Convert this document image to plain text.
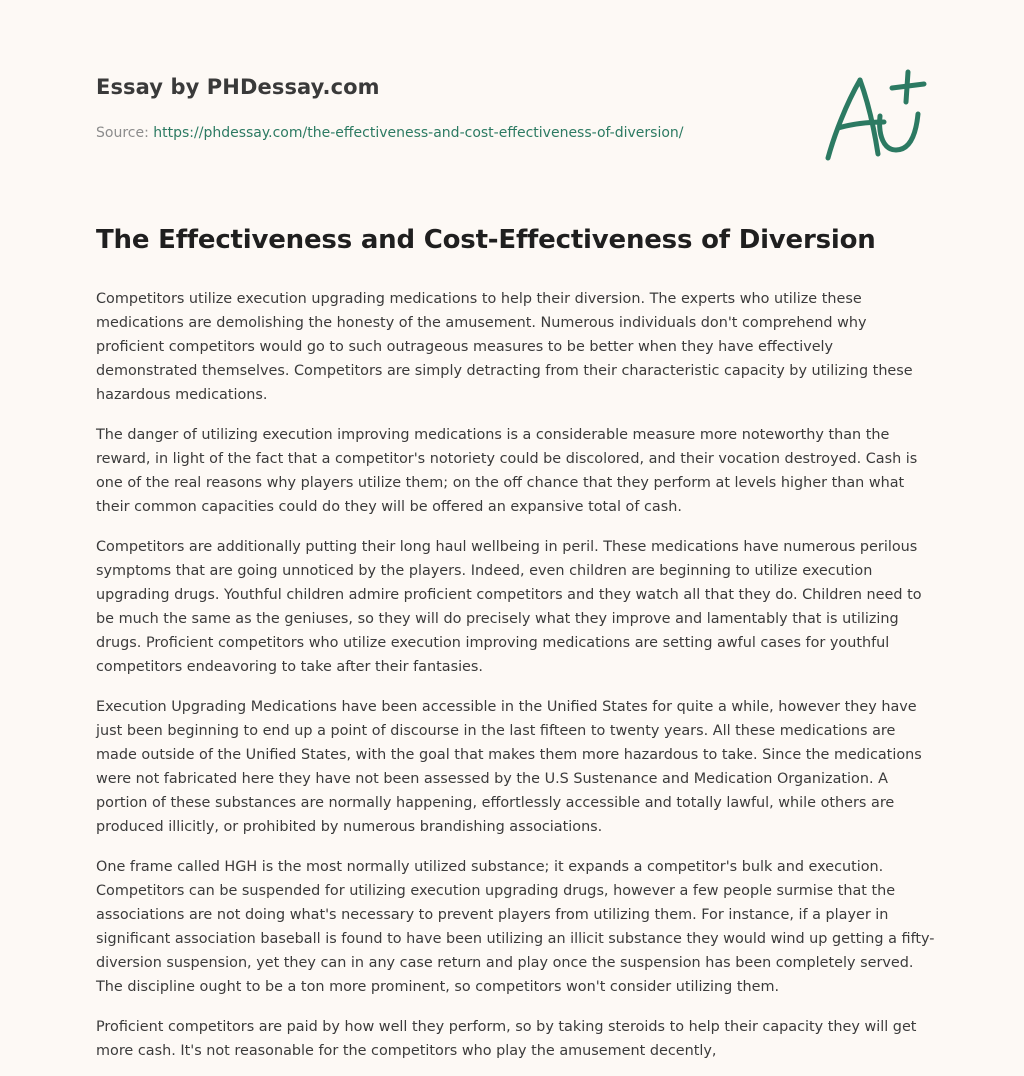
Essay by PHDessay.com
Source: https://phdessay.com/the-effectiveness-and-cost-effectiveness-of-diversion/
The Effectiveness and Cost-Effectiveness of Diversion

Competitors utilize execution upgrading medications to help their diversion. The experts who utilize these medications are demolishing the honesty of the amusement. Numerous individuals don't comprehend why proficient competitors would go to such outrageous measures to be better when they have effectively demonstrated themselves. Competitors are simply detracting from their characteristic capacity by utilizing these hazardous medications.

The danger of utilizing execution improving medications is a considerable measure more noteworthy than the reward, in light of the fact that a competitor's notoriety could be discolored, and their vocation destroyed. Cash is one of the real reasons why players utilize them; on the off chance that they perform at levels higher than what their common capacities could do they will be offered an expansive total of cash.

Competitors are additionally putting their long haul wellbeing in peril. These medications have numerous perilous symptoms that are going unnoticed by the players. Indeed, even children are beginning to utilize execution upgrading drugs. Youthful children admire proficient competitors and they watch all that they do. Children need to be much the same as the geniuses, so they will do precisely what they improve and lamentably that is utilizing drugs. Proficient competitors who utilize execution improving medications are setting awful cases for youthful competitors endeavoring to take after their fantasies.

Execution Upgrading Medications have been accessible in the Unified States for quite a while, however they have just been beginning to end up a point of discourse in the last fifteen to twenty years. All these medications are made outside of the Unified States, with the goal that makes them more hazardous to take. Since the medications were not fabricated here they have not been assessed by the U.S Sustenance and Medication Organization. A portion of these substances are normally happening, effortlessly accessible and totally lawful, while others are produced illicitly, or prohibited by numerous brandishing associations.

One frame called HGH is the most normally utilized substance; it expands a competitor's bulk and execution. Competitors can be suspended for utilizing execution upgrading drugs, however a few people surmise that the associations are not doing what's necessary to prevent players from utilizing them. For instance, if a player in significant association baseball is found to have been utilizing an illicit substance they would wind up getting a fifty-diversion suspension, yet they can in any case return and play once the suspension has been completely served. The discipline ought to be a ton more prominent, so competitors won't consider utilizing them.

Proficient competitors are paid by how well they perform, so by taking steroids to help their capacity they will get more cash. It's not reasonable for the competitors who play the amusement decently,
